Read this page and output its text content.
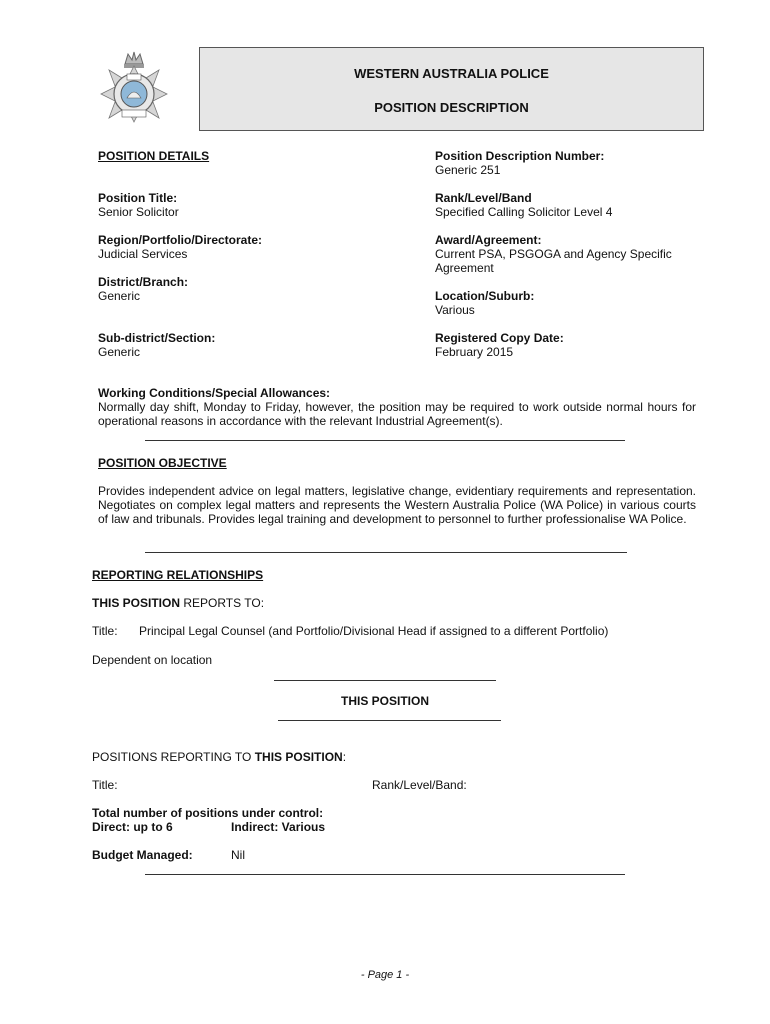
WESTERN AUSTRALIA POLICE
POSITION DESCRIPTION
POSITION DETAILS	Position Description Number:
Generic 251
Position Title:
Senior Solicitor
Rank/Level/Band
Specified Calling Solicitor Level 4
Region/Portfolio/Directorate:
Judicial Services
Award/Agreement:
Current PSA, PSGOGA and Agency Specific
Agreement
District/Branch:
Generic	Location/Suburb:
Various
Sub-district/Section:
Generic
Registered Copy Date:
February 2015
Working Conditions/Special Allowances:
Normally day shift, Monday to Friday, however, the position may be required to work outside normal hours for operational reasons in accordance with the relevant Industrial Agreement(s).
POSITION OBJECTIVE
Provides independent advice on legal matters, legislative change, evidentiary requirements and representation. Negotiates on complex legal matters and represents the Western Australia Police (WA Police) in various courts of law and tribunals. Provides legal training and development to personnel to further professionalise WA Police.
REPORTING RELATIONSHIPS
THIS POSITION REPORTS TO:
Title: Principal Legal Counsel (and Portfolio/Divisional Head if assigned to a different Portfolio)
Dependent on location
THIS POSITION
POSITIONS REPORTING TO THIS POSITION:
Title:	Rank/Level/Band:
Total number of positions under control:
Direct: up to 6	Indirect: Various
Budget Managed:	Nil
- Page 1 -
